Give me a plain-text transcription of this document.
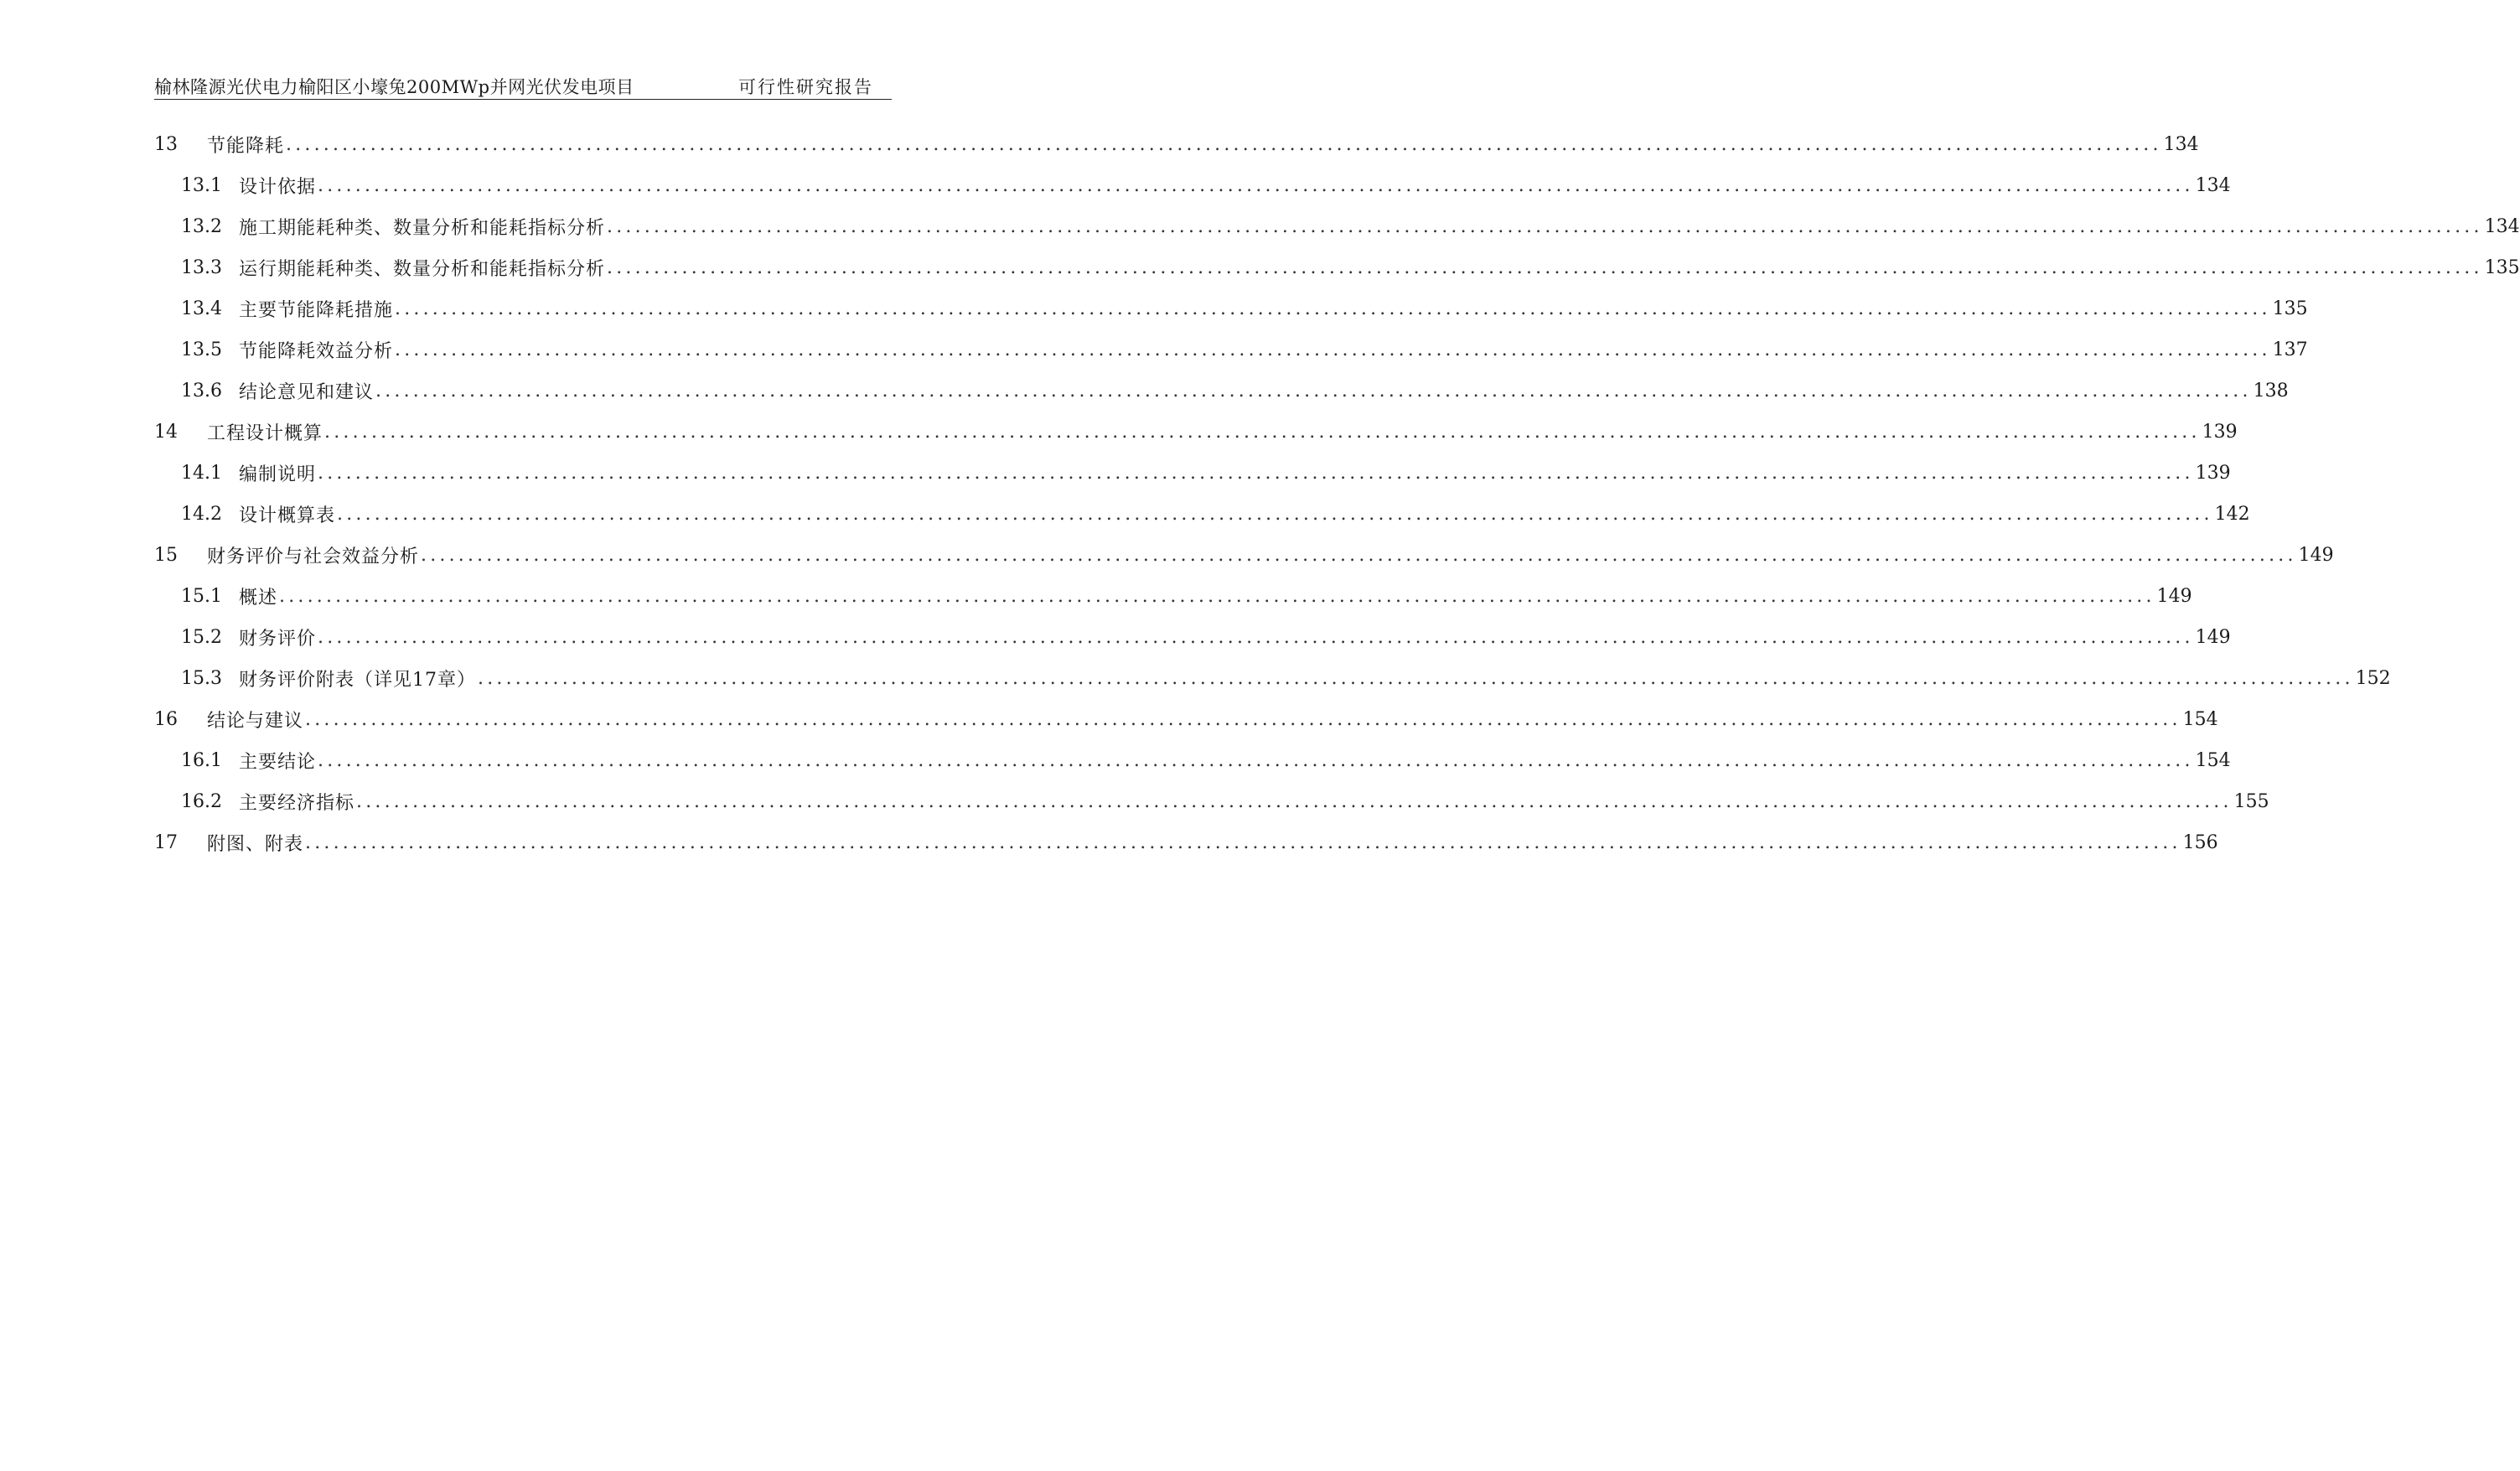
榆林隆源光伏电力榆阳区小壕兔200MWp并网光伏发电项目	可行性研究报告
13	节能降耗 ........................................................................................................................................................................................................ 134
13.1 设计依据 ........................................................................................................................................................................................................ 134
13.2 施工期能耗种类、数量分析和能耗指标分析 ........................................................................................................................................................................................................ 134
13.3 运行期能耗种类、数量分析和能耗指标分析 ........................................................................................................................................................................................................ 135
13.4 主要节能降耗措施 ........................................................................................................................................................................................................ 135
13.5 节能降耗效益分析 ........................................................................................................................................................................................................ 137
13.6 结论意见和建议 ........................................................................................................................................................................................................ 138
14	工程设计概算 ........................................................................................................................................................................................................ 139
14.1 编制说明 ........................................................................................................................................................................................................ 139
14.2 设计概算表 ........................................................................................................................................................................................................ 142
15	财务评价与社会效益分析 ........................................................................................................................................................................................................ 149
15.1 概述 ........................................................................................................................................................................................................ 149
15.2 财务评价 ........................................................................................................................................................................................................ 149
15.3 财务评价附表（详见17章） ........................................................................................................................................................................................................ 152
16	结论与建议 ........................................................................................................................................................................................................ 154
16.1 主要结论 ........................................................................................................................................................................................................ 154
16.2 主要经济指标 ........................................................................................................................................................................................................ 155
17	附图、附表 ........................................................................................................................................................................................................ 156
